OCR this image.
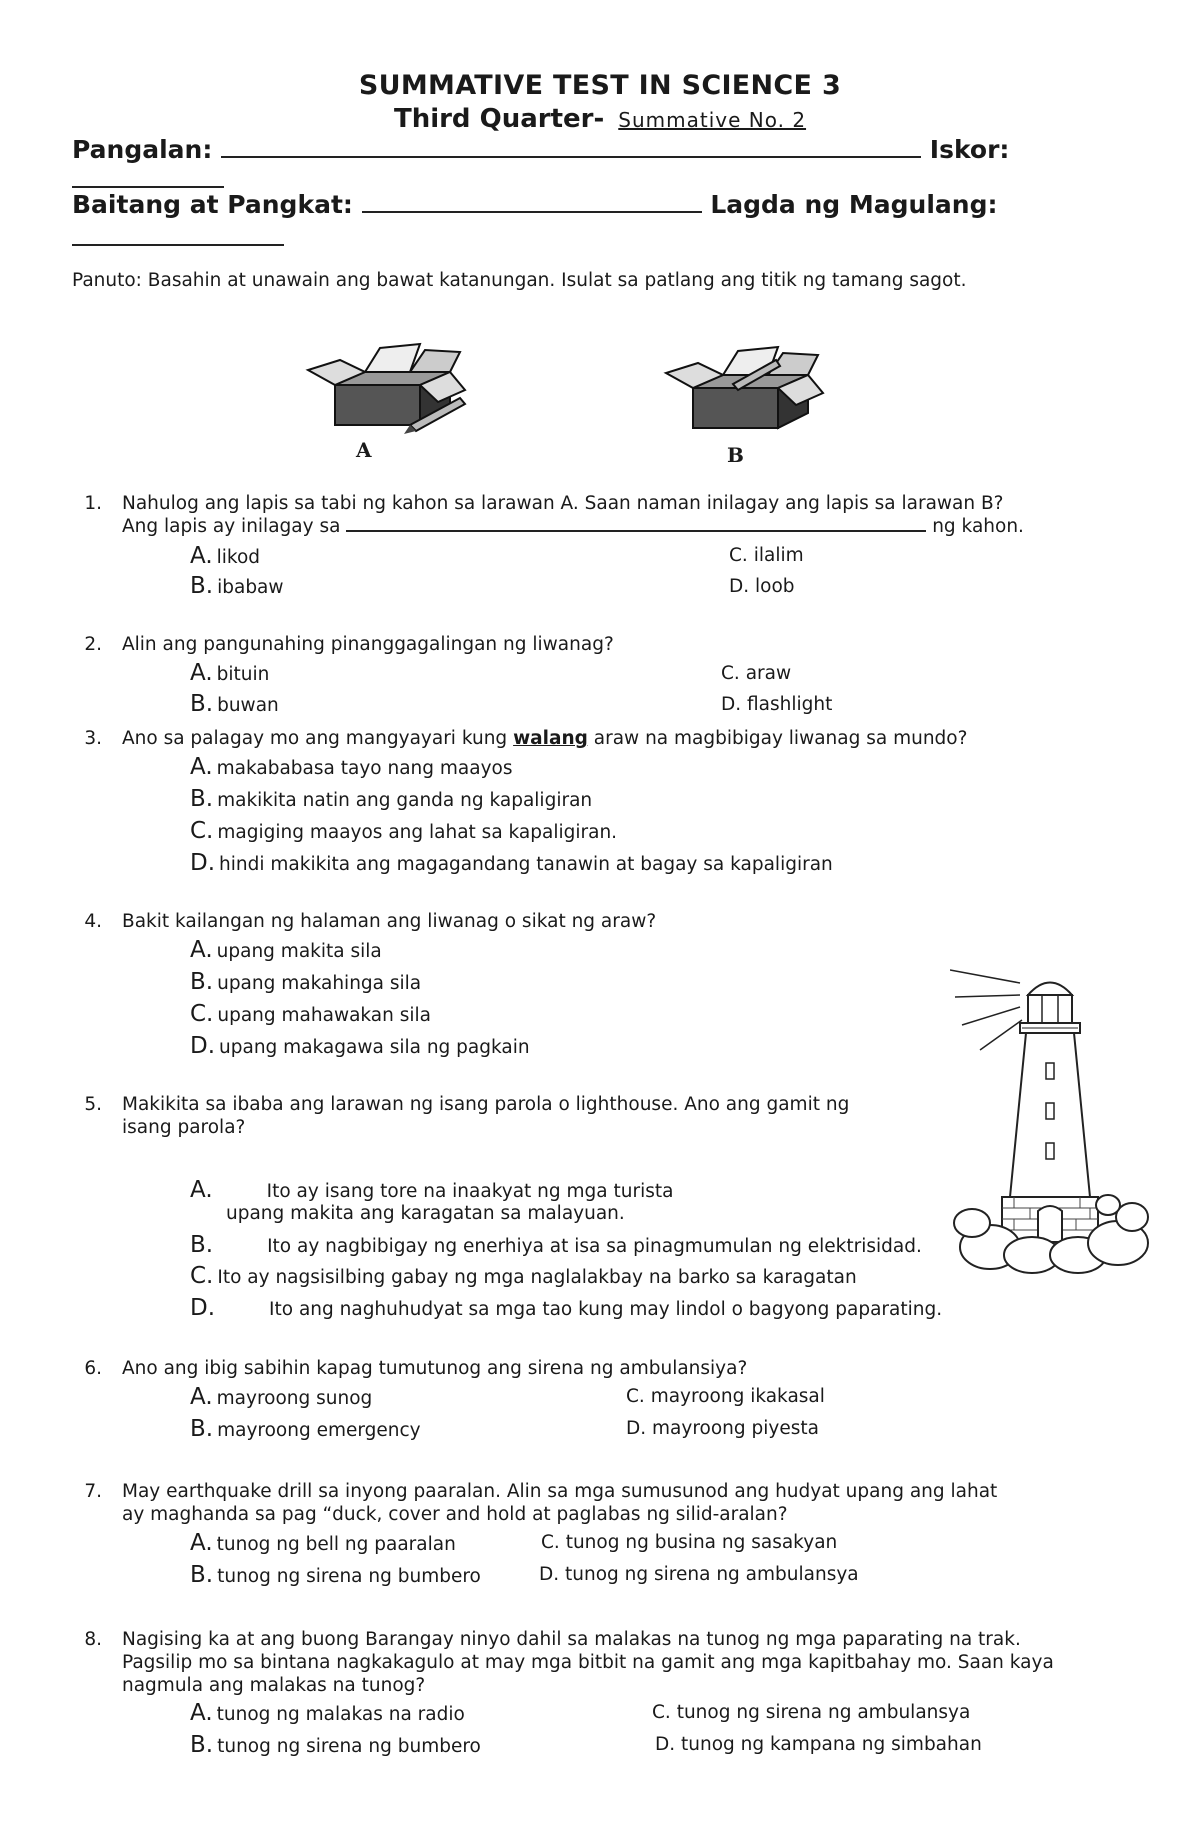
SUMMATIVE TEST IN SCIENCE 3
Third Quarter- Summative No. 2
Pangalan:	Iskor:
Baitang at Pangkat:	Lagda ng Magulang:
Panuto: Basahin at unawain ang bawat katanungan. Isulat sa patlang ang titik ng tamang sagot.
A	B
1. Nahulog ang lapis sa tabi ng kahon sa larawan A. Saan naman inilagay ang lapis sa larawan B?
Ang lapis ay inilagay sa	ng kahon.
A. likod
B. ibabaw
C. ilalim
D. loob
2. Alin ang pangunahing pinanggagalingan ng liwanag?
A. bituin
B. buwan
C. araw
D. flashlight
3. Ano sa palagay mo ang mangyayari kung walang araw na magbibigay liwanag sa mundo?
A. makababasa tayo nang maayos
B. makikita natin ang ganda ng kapaligiran
C. magiging maayos ang lahat sa kapaligiran.
D. hindi makikita ang magagandang tanawin at bagay sa kapaligiran
4. Bakit kailangan ng halaman ang liwanag o sikat ng araw?
A. upang makita sila
B. upang makahinga sila
C. upang mahawakan sila
D. upang makagawa sila ng pagkain
5. Makikita sa ibaba ang larawan ng isang parola o lighthouse. Ano ang gamit ng
isang parola?
A.	Ito ay isang tore na inaakyat ng mga turista
upang makita ang karagatan sa malayuan.
B.	Ito ay nagbibigay ng enerhiya at isa sa pinagmumulan ng elektrisidad.
C. Ito ay nagsisilbing gabay ng mga naglalakbay na barko sa karagatan
D.	Ito ang naghuhudyat sa mga tao kung may lindol o bagyong paparating.
6. Ano ang ibig sabihin kapag tumutunog ang sirena ng ambulansiya?
A. mayroong sunog
B. mayroong emergency
C. mayroong ikakasal
D. mayroong piyesta
7. May earthquake drill sa inyong paaralan. Alin sa mga sumusunod ang hudyat upang ang lahat
ay maghanda sa pag “duck, cover and hold at paglabas ng silid-aralan?
A. tunog ng bell ng paaralan
B. tunog ng sirena ng bumbero
C. tunog ng busina ng sasakyan
D. tunog ng sirena ng ambulansya
8. Nagising ka at ang buong Barangay ninyo dahil sa malakas na tunog ng mga paparating na trak.
Pagsilip mo sa bintana nagkakagulo at may mga bitbit na gamit ang mga kapitbahay mo. Saan kaya
nagmula ang malakas na tunog?
A. tunog ng malakas na radio
B. tunog ng sirena ng bumbero
C. tunog ng sirena ng ambulansya
D. tunog ng kampana ng simbahan
